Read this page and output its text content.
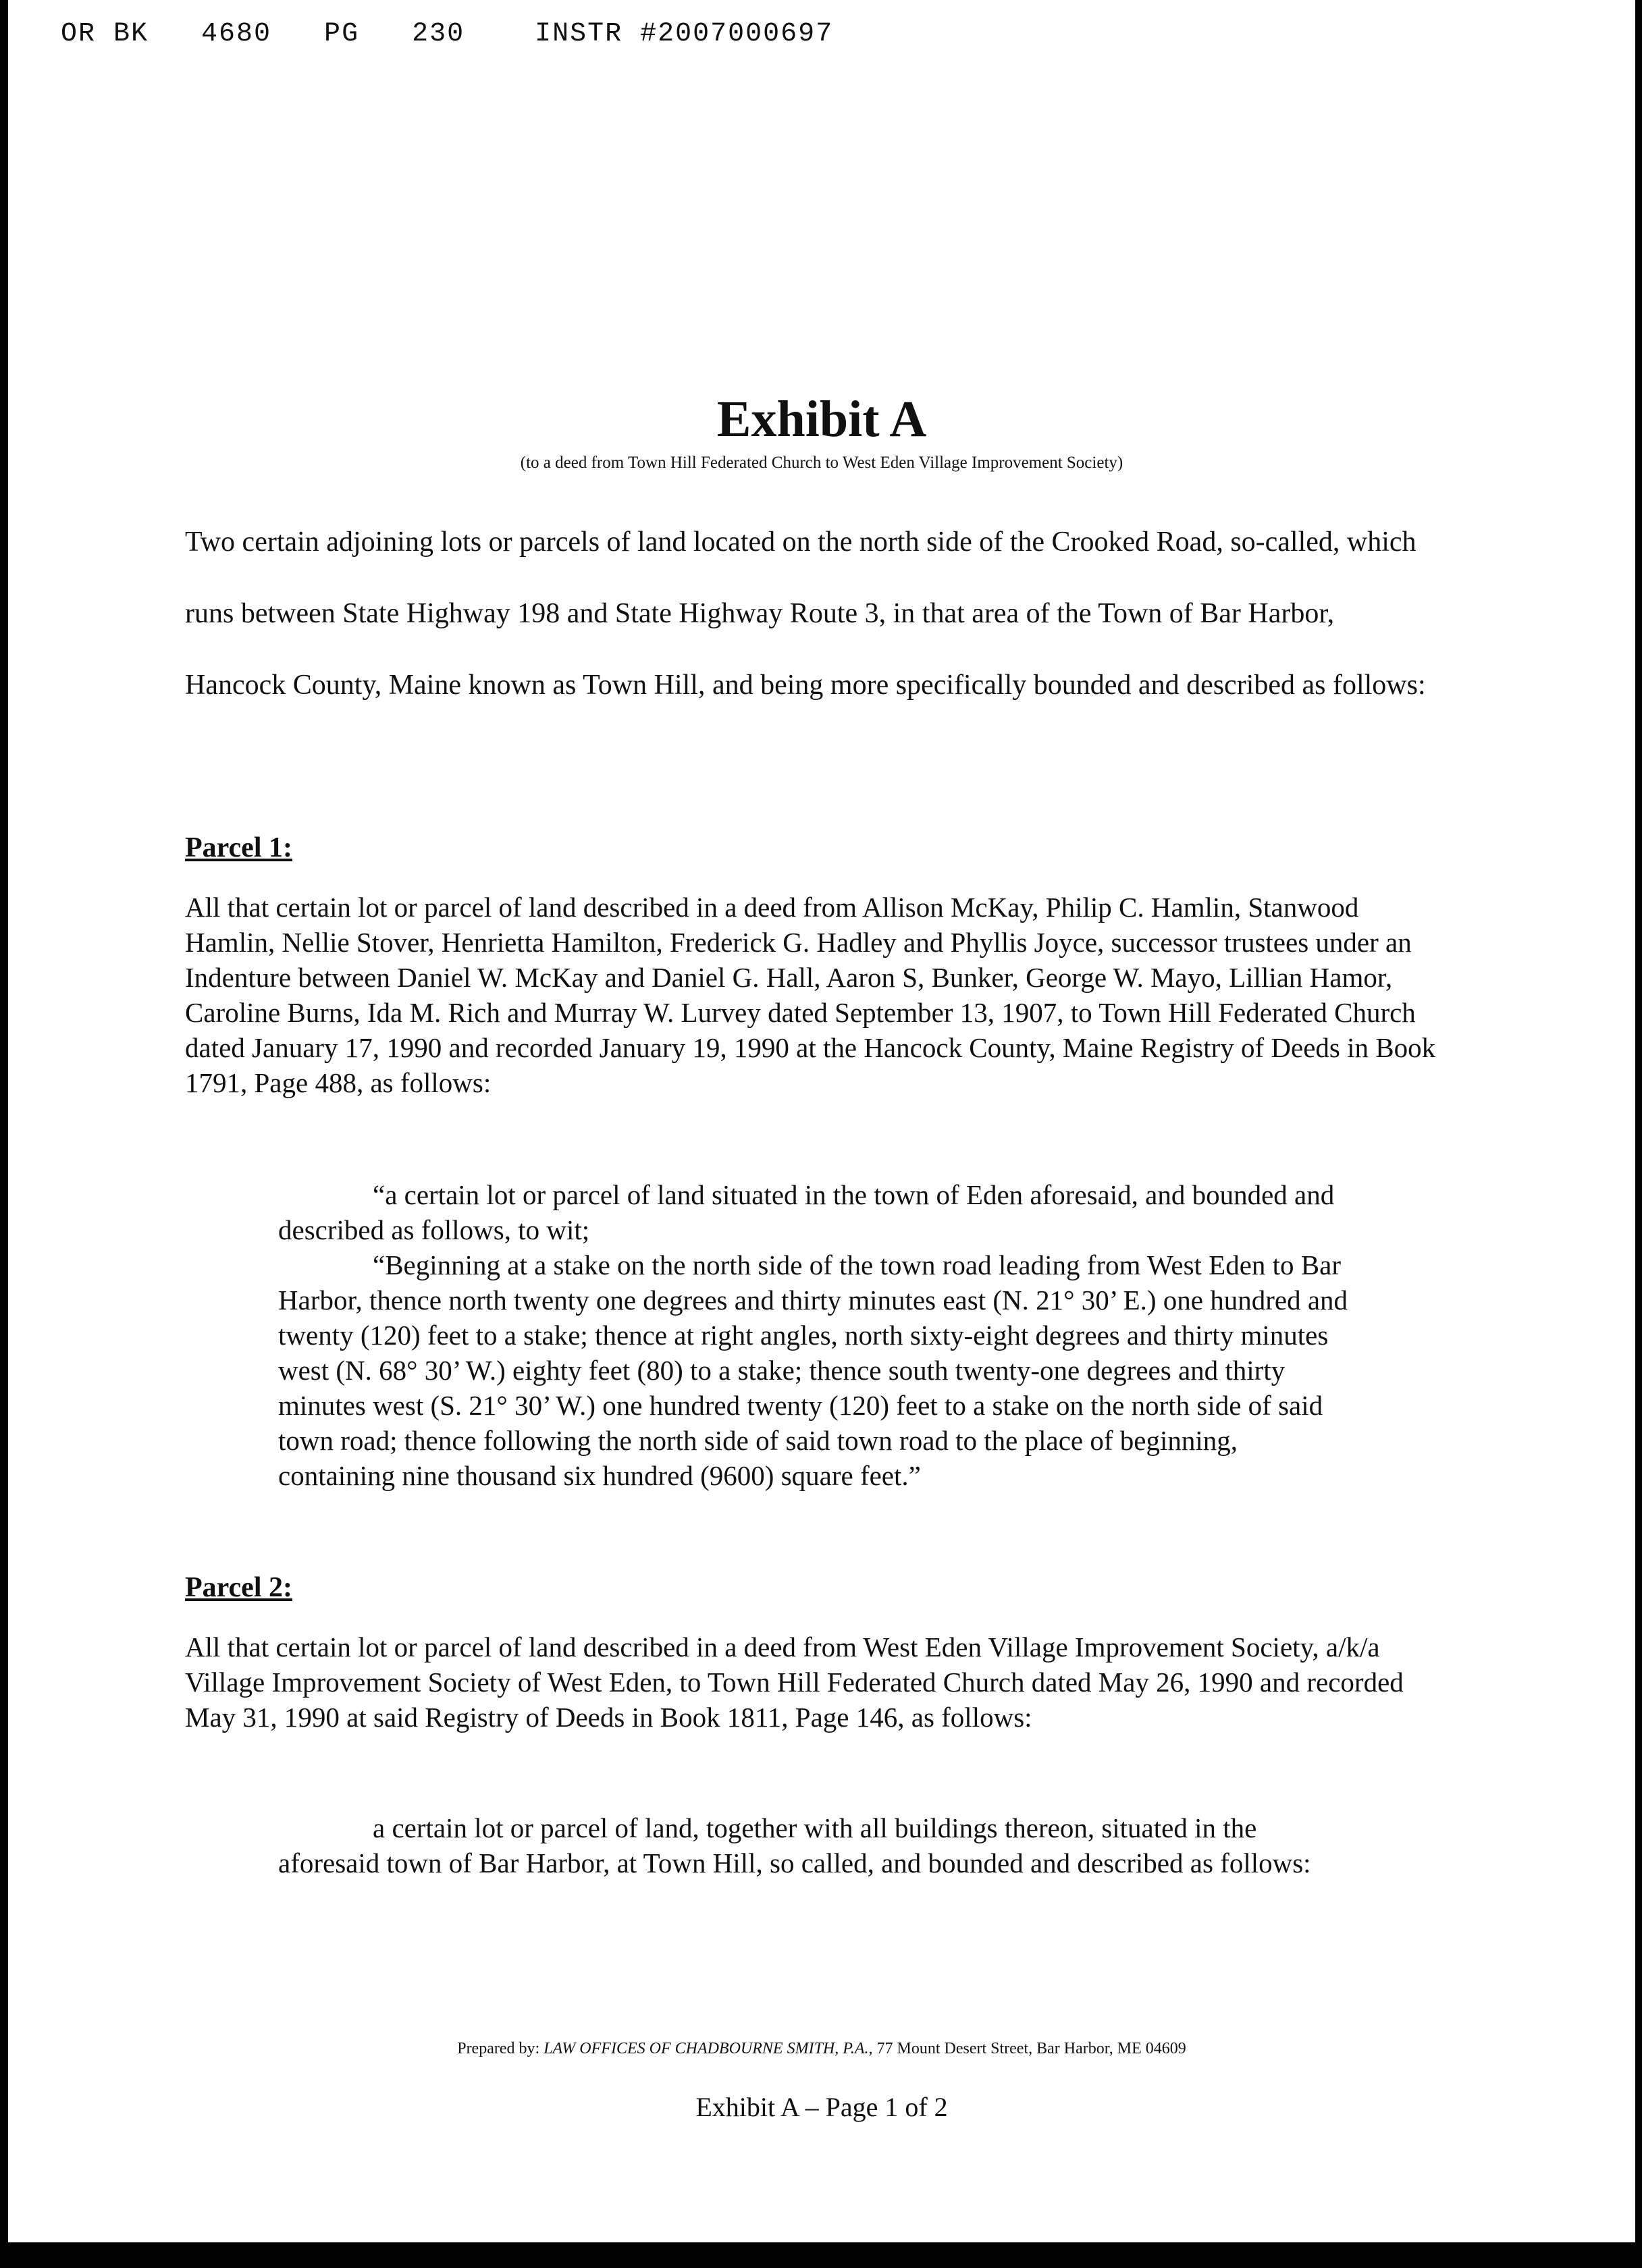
OR BK   4680   PG   230    INSTR #2007000697
Exhibit A
(to a deed from Town Hill Federated Church to West Eden Village Improvement Society)

Two certain adjoining lots or parcels of land located on the north side of the Crooked Road, so-called, which runs between State Highway 198 and State Highway Route 3, in that area of the Town of Bar Harbor, Hancock County, Maine known as Town Hill, and being more specifically bounded and described as follows:

Parcel 1:

All that certain lot or parcel of land described in a deed from Allison McKay, Philip C. Hamlin, Stanwood Hamlin, Nellie Stover, Henrietta Hamilton, Frederick G. Hadley and Phyllis Joyce, successor trustees under an Indenture between Daniel W. McKay and Daniel G. Hall, Aaron S, Bunker, George W. Mayo, Lillian Hamor, Caroline Burns, Ida M. Rich and Murray W. Lurvey dated September 13, 1907, to Town Hill Federated Church dated January 17, 1990 and recorded January 19, 1990 at the Hancock County, Maine Registry of Deeds in Book 1791, Page 488, as follows:

“a certain lot or parcel of land situated in the town of Eden aforesaid, and bounded and described as follows, to wit;
“Beginning at a stake on the north side of the town road leading from West Eden to Bar Harbor, thence north twenty one degrees and thirty minutes east (N. 21° 30’ E.) one hundred and twenty (120) feet to a stake; thence at right angles, north sixty-eight degrees and thirty minutes west (N. 68° 30’ W.) eighty feet (80) to a stake; thence south twenty-one degrees and thirty minutes west (S. 21° 30’ W.) one hundred twenty (120) feet to a stake on the north side of said town road; thence following the north side of said town road to the place of beginning, containing nine thousand six hundred (9600) square feet.”
Parcel 2:

All that certain lot or parcel of land described in a deed from West Eden Village Improvement Society, a/k/a Village Improvement Society of West Eden, to Town Hill Federated Church dated May 26, 1990 and recorded May 31, 1990 at said Registry of Deeds in Book 1811, Page 146, as follows:

a certain lot or parcel of land, together with all buildings thereon, situated in the aforesaid town of Bar Harbor, at Town Hill, so called, and bounded and described as follows:
Prepared by: LAW OFFICES OF CHADBOURNE SMITH, P.A., 77 Mount Desert Street, Bar Harbor, ME 04609
Exhibit A – Page 1 of 2
